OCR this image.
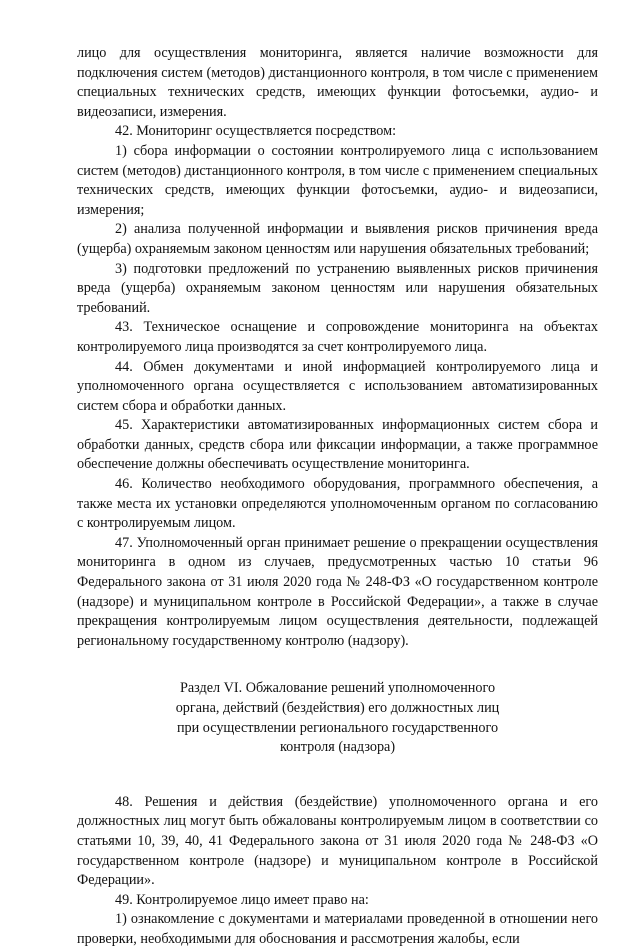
лицо для осуществления мониторинга, является наличие возможности для подключения систем (методов) дистанционного контроля, в том числе с применением специальных технических средств, имеющих функции фотосъемки, аудио- и видеозаписи, измерения.

42. Мониторинг осуществляется посредством:

1) сбора информации о состоянии контролируемого лица с использованием систем (методов) дистанционного контроля, в том числе с применением специальных технических средств, имеющих функции фотосъемки, аудио- и видеозаписи, измерения;

2) анализа полученной информации и выявления рисков причинения вреда (ущерба) охраняемым законом ценностям или нарушения обязательных требований;

3) подготовки предложений по устранению выявленных рисков причинения вреда (ущерба) охраняемым законом ценностям или нарушения обязательных требований.

43. Техническое оснащение и сопровождение мониторинга на объектах контролируемого лица производятся за счет контролируемого лица.

44. Обмен документами и иной информацией контролируемого лица и уполномоченного органа осуществляется с использованием автоматизированных систем сбора и обработки данных.

45. Характеристики автоматизированных информационных систем сбора и обработки данных, средств сбора или фиксации информации, а также программное обеспечение должны обеспечивать осуществление мониторинга.

46. Количество необходимого оборудования, программного обеспечения, а также места их установки определяются уполномоченным органом по согласованию с контролируемым лицом.

47. Уполномоченный орган принимает решение о прекращении осуществления мониторинга в одном из случаев, предусмотренных частью 10 статьи 96 Федерального закона от 31 июля 2020 года № 248-ФЗ «О государственном контроле (надзоре) и муниципальном контроле в Российской Федерации», а также в случае прекращения контролируемым лицом осуществления деятельности, подлежащей региональному государственному контролю (надзору).

Раздел VI. Обжалование решений уполномоченного
органа, действий (бездействия) его должностных лиц
при осуществлении регионального государственного
контроля (надзора)

48. Решения и действия (бездействие) уполномоченного органа и его должностных лиц могут быть обжалованы контролируемым лицом в соответствии со статьями 10, 39, 40, 41 Федерального закона от 31 июля 2020 года № 248-ФЗ «О государственном контроле (надзоре) и муниципальном контроле в Российской Федерации».

49. Контролируемое лицо имеет право на:

1) ознакомление с документами и материалами проведенной в отношении него проверки, необходимыми для обоснования и рассмотрения жалобы, если
